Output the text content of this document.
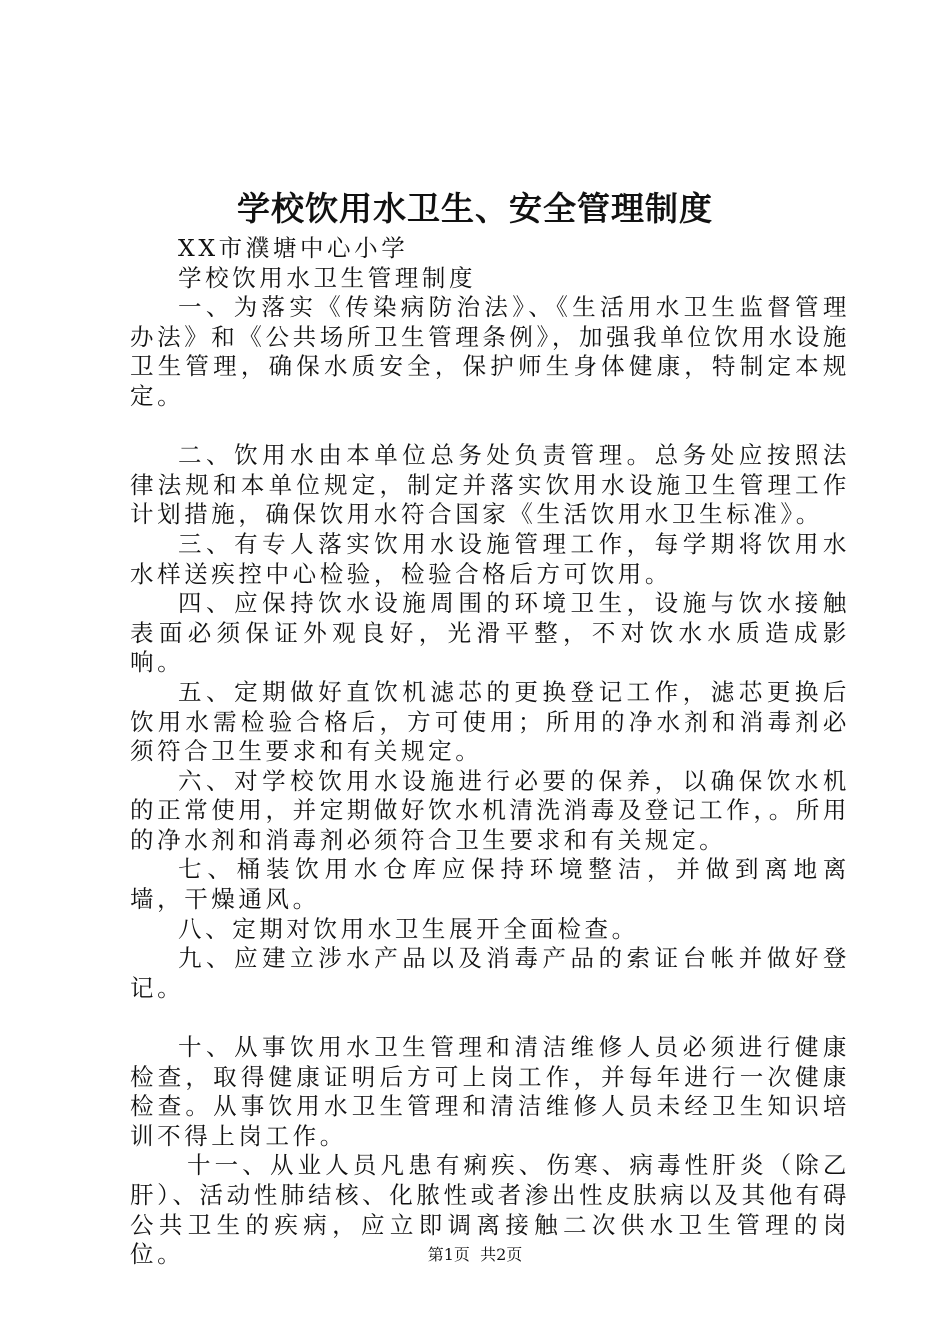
学校饮用水卫生、安全管理制度

XX市濮塘中心小学

学校饮用水卫生管理制度

一、为落实《传染病防治法》、《生活用水卫生监督管理办法》和《公共场所卫生管理条例》，加强我单位饮用水设施卫生管理，确保水质安全，保护师生身体健康，特制定本规定。

二、饮用水由本单位总务处负责管理。总务处应按照法律法规和本单位规定，制定并落实饮用水设施卫生管理工作计划措施，确保饮用水符合国家《生活饮用水卫生标准》。

三、有专人落实饮用水设施管理工作，每学期将饮用水水样送疾控中心检验，检验合格后方可饮用。

四、应保持饮水设施周围的环境卫生，设施与饮水接触表面必须保证外观良好，光滑平整，不对饮水水质造成影响。

五、定期做好直饮机滤芯的更换登记工作，滤芯更换后饮用水需检验合格后，方可使用；所用的净水剂和消毒剂必须符合卫生要求和有关规定。

六、对学校饮用水设施进行必要的保养，以确保饮水机的正常使用，并定期做好饮水机清洗消毒及登记工作，。所用的净水剂和消毒剂必须符合卫生要求和有关规定。

七、桶装饮用水仓库应保持环境整洁，并做到离地离墙，干燥通风。

八、定期对饮用水卫生展开全面检查。

九、应建立涉水产品以及消毒产品的索证台帐并做好登记。

十、从事饮用水卫生管理和清洁维修人员必须进行健康检查，取得健康证明后方可上岗工作，并每年进行一次健康检查。从事饮用水卫生管理和清洁维修人员未经卫生知识培训不得上岗工作。

十一、从业人员凡患有痢疾、伤寒、病毒性肝炎（除乙肝）、活动性肺结核、化脓性或者渗出性皮肤病以及其他有碍公共卫生的疾病，应立即调离接触二次供水卫生管理的岗位。	第1页 共2页
